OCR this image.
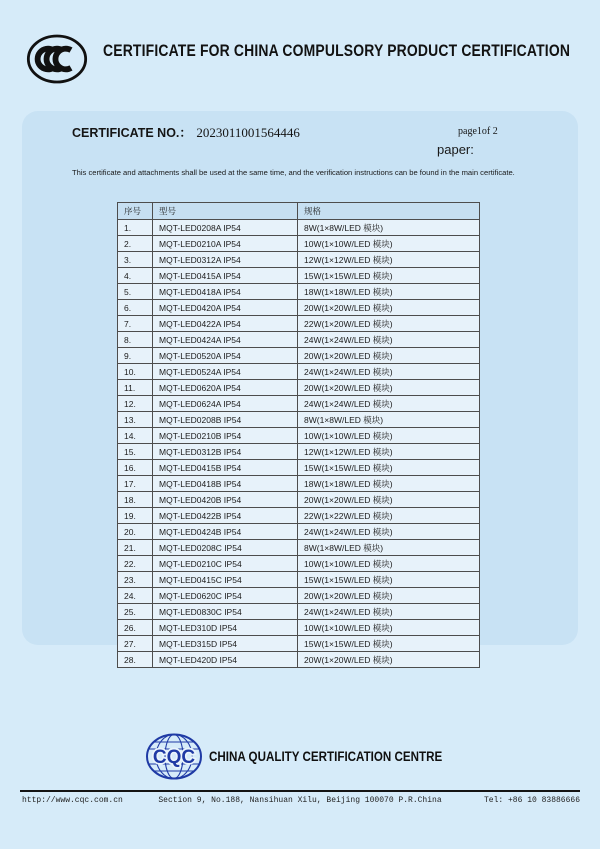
CERTIFICATE FOR CHINA COMPULSORY PRODUCT CERTIFICATION
CERTIFICATE NO.： 2023011001564446	page1of 2
paper:
This certificate and attachments shall be used at the same time, and the verification instructions can be found in the main certificate.
序号	型号	规格
1.	MQT-LED0208A IP54	8W(1×8W/LED 模块)
2.	MQT-LED0210A IP54	10W(1×10W/LED 模块)
3.	MQT-LED0312A IP54	12W(1×12W/LED 模块)
4.	MQT-LED0415A IP54	15W(1×15W/LED 模块)
5.	MQT-LED0418A IP54	18W(1×18W/LED 模块)
6.	MQT-LED0420A IP54	20W(1×20W/LED 模块)
7.	MQT-LED0422A IP54	22W(1×20W/LED 模块)
8.	MQT-LED0424A IP54	24W(1×24W/LED 模块)
9.	MQT-LED0520A IP54	20W(1×20W/LED 模块)
10.	MQT-LED0524A IP54	24W(1×24W/LED 模块)
11.	MQT-LED0620A IP54	20W(1×20W/LED 模块)
12.	MQT-LED0624A IP54	24W(1×24W/LED 模块)
13.	MQT-LED0208B IP54	8W(1×8W/LED 模块)
14.	MQT-LED0210B IP54	10W(1×10W/LED 模块)
15.	MQT-LED0312B IP54	12W(1×12W/LED 模块)
16.	MQT-LED0415B IP54	15W(1×15W/LED 模块)
17.	MQT-LED0418B IP54	18W(1×18W/LED 模块)
18.	MQT-LED0420B IP54	20W(1×20W/LED 模块)
19.	MQT-LED0422B IP54	22W(1×22W/LED 模块)
20.	MQT-LED0424B IP54	24W(1×24W/LED 模块)
21.	MQT-LED0208C IP54	8W(1×8W/LED 模块)
22.	MQT-LED0210C IP54	10W(1×10W/LED 模块)
23.	MQT-LED0415C IP54	15W(1×15W/LED 模块)
24.	MQT-LED0620C IP54	20W(1×20W/LED 模块)
25.	MQT-LED0830C IP54	24W(1×24W/LED 模块)
26.	MQT-LED310D IP54	10W(1×10W/LED 模块)
27.	MQT-LED315D IP54	15W(1×15W/LED 模块)
28.	MQT-LED420D IP54	20W(1×20W/LED 模块)
CQC CHINA QUALITY CERTIFICATION CENTRE
http://www.cqc.com.cn	Section 9, No.188, Nansihuan Xilu, Beijing 100070 P.R.China	Tel: +86 10 83886666
